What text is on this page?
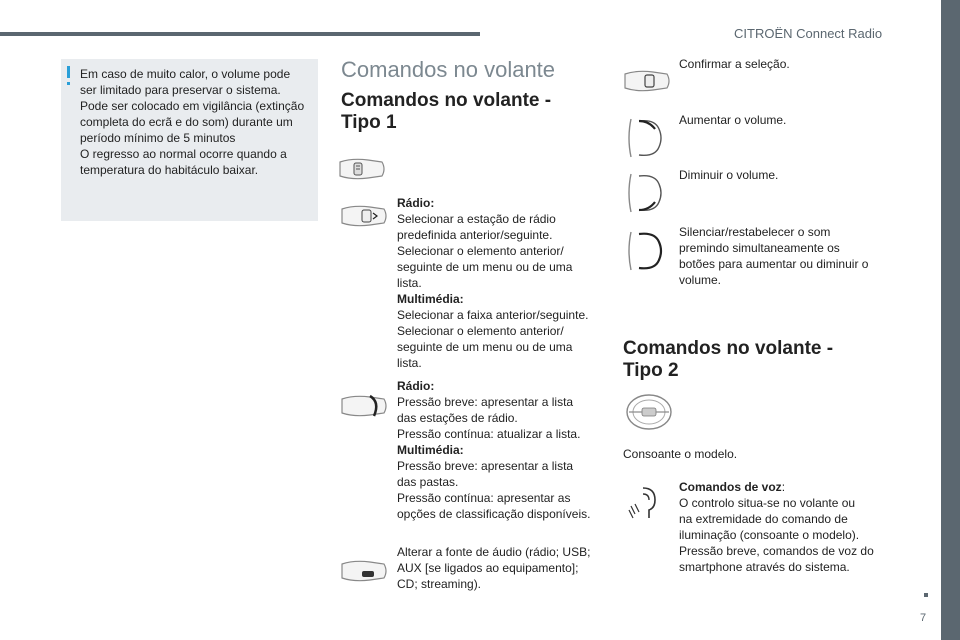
CITROËN Connect Radio
Em caso de muito calor, o volume pode
ser limitado para preservar o sistema.
Pode ser colocado em vigilância (extinção
completa do ecrã e do som) durante um
período mínimo de 5 minutos
O regresso ao normal ocorre quando a
temperatura do habitáculo baixar.
Comandos no volante
Comandos no volante -
Tipo 1
Rádio:
Selecionar a estação de rádio
predefinida anterior/seguinte.
Selecionar o elemento anterior/
seguinte de um menu ou de uma
lista.
Multimédia:
Selecionar a faixa anterior/seguinte.
Selecionar o elemento anterior/
seguinte de um menu ou de uma
lista.
Rádio:
Pressão breve: apresentar a lista
das estações de rádio.
Pressão contínua: atualizar a lista.
Multimédia:
Pressão breve: apresentar a lista
das pastas.
Pressão contínua: apresentar as
opções de classificação disponíveis.
Alterar a fonte de áudio (rádio; USB;
AUX [se ligados ao equipamento];
CD; streaming).
Confirmar a seleção.
Aumentar o volume.
Diminuir o volume.
Silenciar/restabelecer o som
premindo simultaneamente os
botões para aumentar ou diminuir o
volume.
Comandos no volante -
Tipo 2
Consoante o modelo.
Comandos de voz:
O controlo situa-se no volante ou
na extremidade do comando de
iluminação (consoante o modelo).
Pressão breve, comandos de voz do
smartphone através do sistema.
7
